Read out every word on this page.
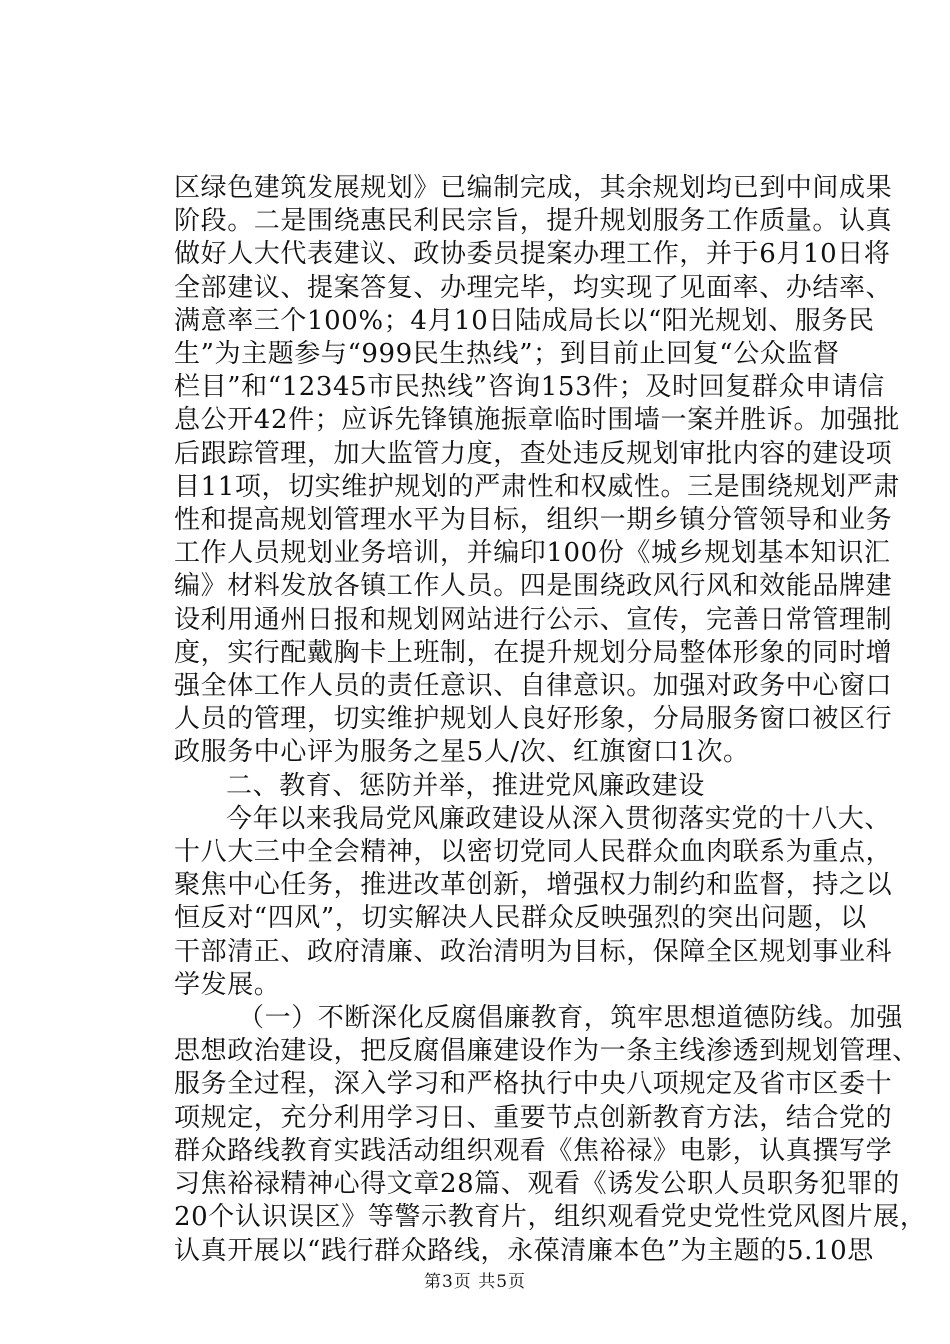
区绿色建筑发展规划》已编制完成，其余规划均已到中间成果
阶段。二是围绕惠民利民宗旨，提升规划服务工作质量。认真
做好人大代表建议、政协委员提案办理工作，并于6月10日将
全部建议、提案答复、办理完毕，均实现了见面率、办结率、
满意率三个100%；4月10日陆成局长以“阳光规划、服务民
生”为主题参与“999民生热线”；到目前止回复“公众监督
栏目”和“12345市民热线”咨询153件；及时回复群众申请信
息公开42件；应诉先锋镇施振章临时围墙一案并胜诉。加强批
后跟踪管理，加大监管力度，查处违反规划审批内容的建设项
目11项，切实维护规划的严肃性和权威性。三是围绕规划严肃
性和提高规划管理水平为目标，组织一期乡镇分管领导和业务
工作人员规划业务培训，并编印100份《城乡规划基本知识汇
编》材料发放各镇工作人员。四是围绕政风行风和效能品牌建
设利用通州日报和规划网站进行公示、宣传，完善日常管理制
度，实行配戴胸卡上班制，在提升规划分局整体形象的同时增
强全体工作人员的责任意识、自律意识。加强对政务中心窗口
人员的管理，切实维护规划人良好形象，分局服务窗口被区行
政服务中心评为服务之星5人/次、红旗窗口1次。
二、教育、惩防并举，推进党风廉政建设
今年以来我局党风廉政建设从深入贯彻落实党的十八大、
十八大三中全会精神，以密切党同人民群众血肉联系为重点，
聚焦中心任务，推进改革创新，增强权力制约和监督，持之以
恒反对“四风”，切实解决人民群众反映强烈的突出问题，以
干部清正、政府清廉、政治清明为目标，保障全区规划事业科
学发展。
（一）不断深化反腐倡廉教育，筑牢思想道德防线。加强
思想政治建设，把反腐倡廉建设作为一条主线渗透到规划管理、
服务全过程，深入学习和严格执行中央八项规定及省市区委十
项规定，充分利用学习日、重要节点创新教育方法，结合党的
群众路线教育实践活动组织观看《焦裕禄》电影，认真撰写学
习焦裕禄精神心得文章28篇、观看《诱发公职人员职务犯罪的
20个认识误区》等警示教育片，组织观看党史党性党风图片展，
认真开展以“践行群众路线，永葆清廉本色”为主题的5.10思
第3页 共5页
